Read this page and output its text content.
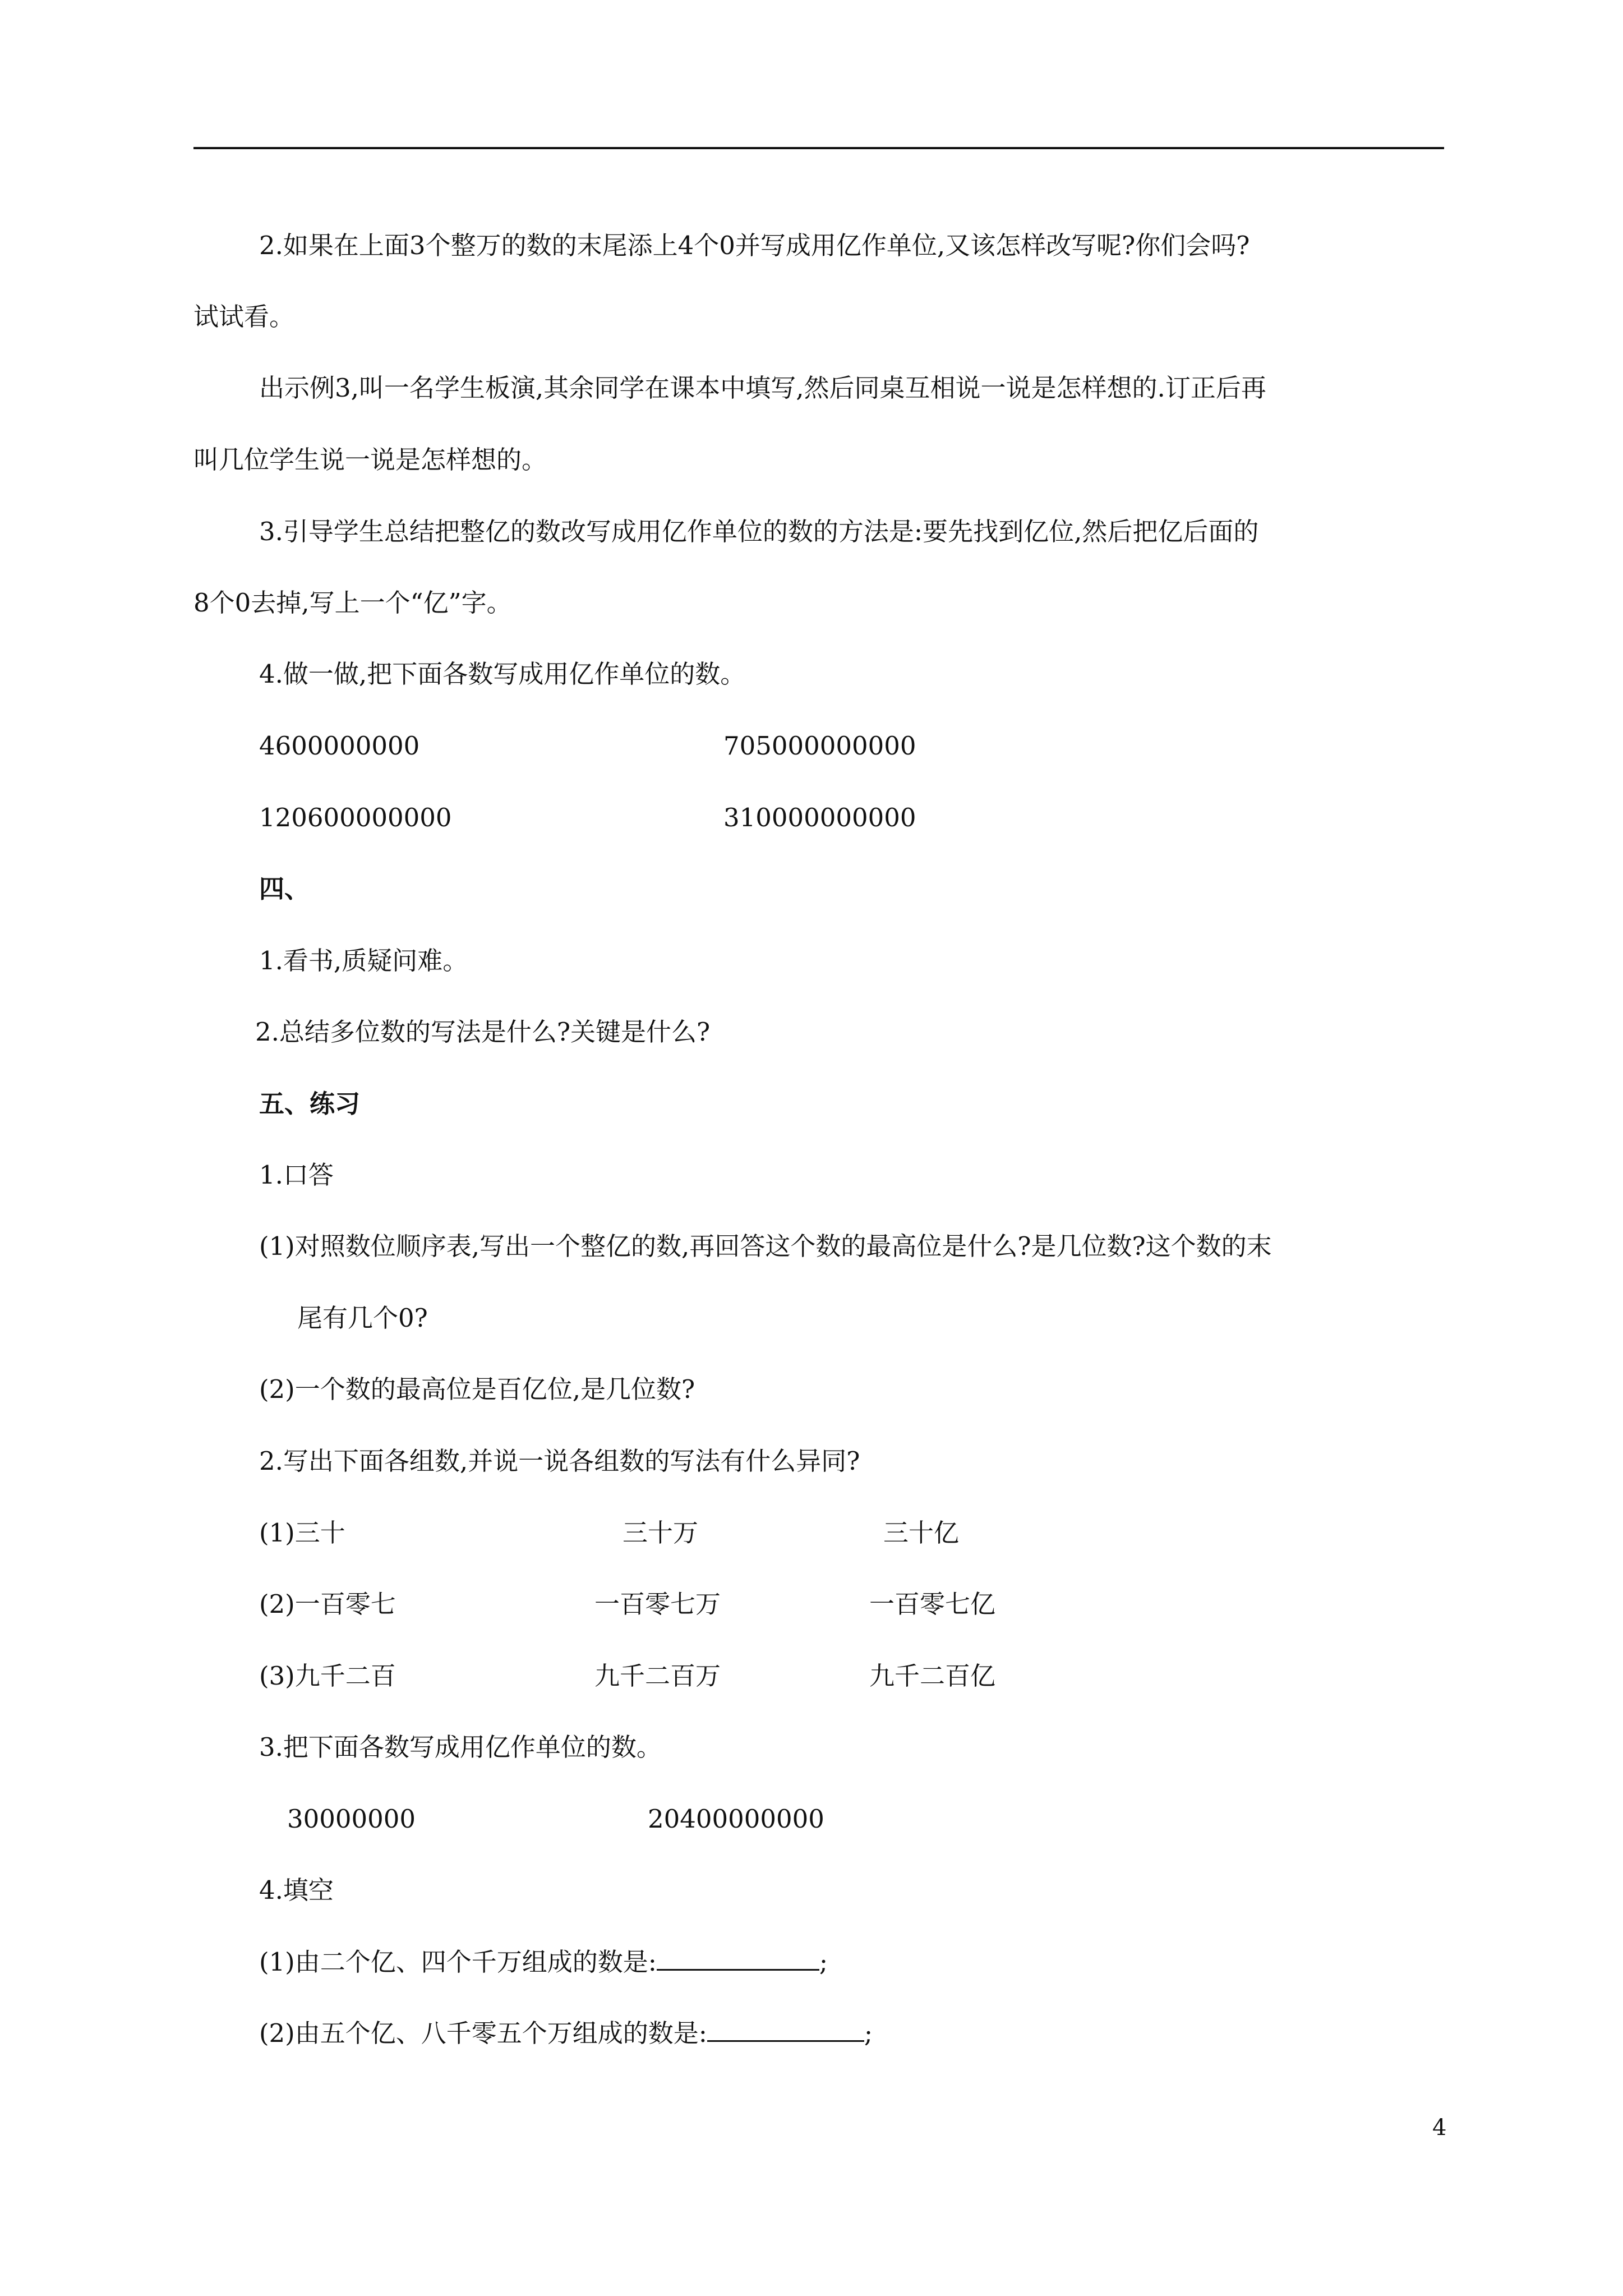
2.如果在上面3个整万的数的末尾添上4个0并写成用亿作单位,又该怎样改写呢?你们会吗?
试试看。
出示例3,叫一名学生板演,其余同学在课本中填写,然后同桌互相说一说是怎样想的.订正后再
叫几位学生说一说是怎样想的。
3.引导学生总结把整亿的数改写成用亿作单位的数的方法是:要先找到亿位,然后把亿后面的
8个0去掉,写上一个“亿”字。
4.做一做,把下面各数写成用亿作单位的数。
4600000000	705000000000
120600000000	310000000000
四、
1.看书,质疑问难。
2.总结多位数的写法是什么?关键是什么?
五、练习
1.口答
(1)对照数位顺序表,写出一个整亿的数,再回答这个数的最高位是什么?是几位数?这个数的末
尾有几个0?
(2)一个数的最高位是百亿位,是几位数?
2.写出下面各组数,并说一说各组数的写法有什么异同?
(1)三十	三十万	三十亿
(2)一百零七	一百零七万	一百零七亿
(3)九千二百	九千二百万	九千二百亿
3.把下面各数写成用亿作单位的数。
30000000	20400000000
4.填空
(1)由二个亿、四个千万组成的数是:	;
(2)由五个亿、八千零五个万组成的数是:	;
4
